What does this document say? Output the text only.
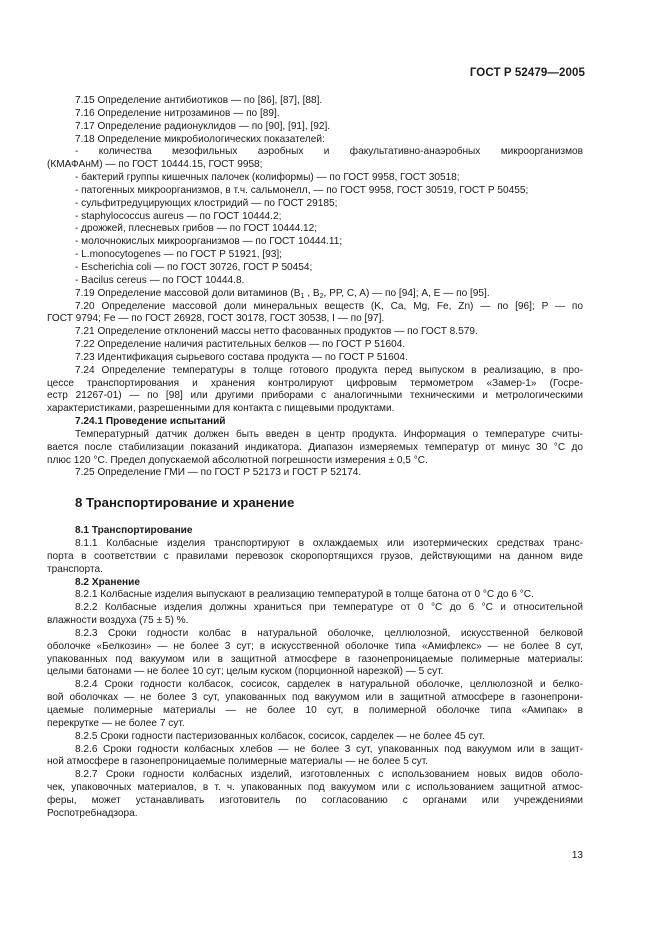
ГОСТ Р 52479—2005
7.15 Определение антибиотиков — по [86], [87], [88].
7.16 Определение нитрозаминов — по [89].
7.17 Определение радионуклидов — по [90], [91], [92].
7.18 Определение микробиологических показателей:
- количества мезофильных аэробных и факультативно-анаэробных микроорганизмов
(КМАФАнМ) — по ГОСТ 10444.15, ГОСТ 9958;
- бактерий группы кишечных палочек (колиформы) — по ГОСТ 9958, ГОСТ 30518;
- патогенных микроорганизмов, в т.ч. сальмонелл, — по ГОСТ 9958, ГОСТ 30519, ГОСТ Р 50455;
- сульфитредуцирующих клостридий — по ГОСТ 29185;
- staphylococcus aureus — по ГОСТ 10444.2;
- дрожжей, плесневых грибов — по ГОСТ 10444.12;
- молочнокислых микроорганизмов — по ГОСТ 10444.11;
- L.monocytogenes — по ГОСТ Р 51921, [93];
- Escherichia coli — по ГОСТ 30726, ГОСТ Р 50454;
- Bacilus cereus — по ГОСТ 10444.8.
7.19 Определение массовой доли витаминов ($B_1$ , $B_2$, PP, C, A) — по [94]; A, E — по [95].
7.20 Определение массовой доли минеральных веществ (K, Ca, Mg, Fe, Zn) — по [96]; P — по
ГОСТ 9794; Fe — по ГОСТ 26928, ГОСТ 30178, ГОСТ 30538, I — по [97].
7.21 Определение отклонений массы нетто фасованных продуктов — по ГОСТ 8.579.
7.22 Определение наличия растительных белков — по ГОСТ Р 51604.
7.23 Идентификация сырьевого состава продукта — по ГОСТ Р 51604.
7.24 Определение температуры в толще готового продукта перед выпуском в реализацию, в про-
цессе транспортирования и хранения контролируют цифровым термометром «Замер-1» (Госре-
естр 21267-01) — по [98] или другими приборами с аналогичными техническими и метрологическими
характеристиками, разрешенными для контакта с пищевыми продуктами.
7.24.1 Проведение испытаний
Температурный датчик должен быть введен в центр продукта. Информация о температуре считы-
вается после стабилизации показаний индикатора. Диапазон измеряемых температур от минус 30 °С до
плюс 120 °С. Предел допускаемой абсолютной погрешности измерения ± 0,5 °С.
7.25 Определение ГМИ — по ГОСТ Р 52173 и ГОСТ Р 52174.
8 Транспортирование и хранение
8.1 Транспортирование
8.1.1 Колбасные изделия транспортируют в охлаждаемых или изотермических средствах транс-
порта в соответствии с правилами перевозок скоропортящихся грузов, действующими на данном виде
транспорта.
8.2 Хранение
8.2.1 Колбасные изделия выпускают в реализацию температурой в толще батона от 0 °С до 6 °С.
8.2.2 Колбасные изделия должны храниться при температуре от 0 °С до 6 °С и относительной
влажности воздуха (75 ± 5) %.
8.2.3 Сроки годности колбас в натуральной оболочке, целлюлозной, искусственной белковой
оболочке «Белкозин» — не более 3 сут; в искусственной оболочке типа «Амифлекс» — не более 8 сут,
упакованных под вакуумом или в защитной атмосфере в газонепроницаемые полимерные материалы:
целыми батонами — не более 10 сут; целым куском (порционной нарезкой) — 5 сут.
8.2.4 Сроки годности колбасок, сосисок, сарделек в натуральной оболочке, целлюлозной и белко-
вой оболочках — не более 3 сут, упакованных под вакуумом или в защитной атмосфере в газонепрони-
цаемые полимерные материалы — не более 10 сут, в полимерной оболочке типа «Амипак» в
перекрутке — не более 7 сут.
8.2.5 Сроки годности пастеризованных колбасок, сосисок, сарделек — не более 45 сут.
8.2.6 Сроки годности колбасных хлебов — не более 3 сут, упакованных под вакуумом или в защит-
ной атмосфере в газонепроницаемые полимерные материалы — не более 5 сут.
8.2.7 Сроки годности колбасных изделий, изготовленных с использованием новых видов оболо-
чек, упаковочных материалов, в т. ч. упакованных под вакуумом или с использованием защитной атмос-
феры, может устанавливать изготовитель по согласованию с органами или учреждениями
Роспотребнадзора.
13
